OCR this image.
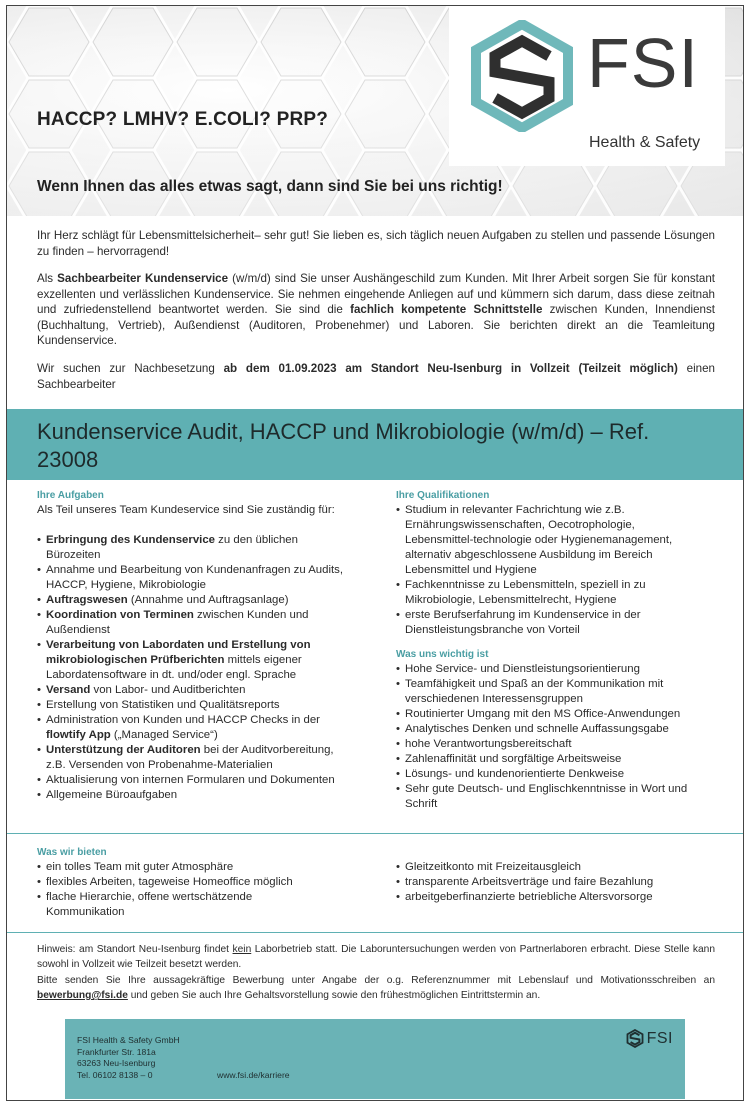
HACCP? LMHV? E.COLI? PRP?
Wenn Ihnen das alles etwas sagt, dann sind Sie bei uns richtig!
FSI
Health & Safety
Ihr Herz schlägt für Lebensmittelsicherheit– sehr gut! Sie lieben es, sich täglich neuen Aufgaben zu stellen und passende Lösungen zu finden – hervorragend!
Als Sachbearbeiter Kundenservice (w/m/d) sind Sie unser Aushängeschild zum Kunden. Mit Ihrer Arbeit sorgen Sie für konstant exzellenten und verlässlichen Kundenservice. Sie nehmen eingehende Anliegen auf und kümmern sich darum, dass diese zeitnah und zufriedenstellend beantwortet werden. Sie sind die fachlich kompetente Schnittstelle zwischen Kunden, Innendienst (Buchhaltung, Vertrieb), Außendienst (Auditoren, Probenehmer) und Laboren. Sie berichten direkt an die Teamleitung Kundenservice.
Wir suchen zur Nachbesetzung ab dem 01.09.2023 am Standort Neu-Isenburg in Vollzeit (Teilzeit möglich) einen Sachbearbeiter
Kundenservice Audit, HACCP und Mikrobiologie (w/m/d) – Ref. 23008
Ihre Aufgaben
Als Teil unseres Team Kundeservice sind Sie zuständig für:
• Erbringung des Kundenservice zu den üblichen Bürozeiten
• Annahme und Bearbeitung von Kundenanfragen zu Audits, HACCP, Hygiene, Mikrobiologie
• Auftragswesen (Annahme und Auftragsanlage)
• Koordination von Terminen zwischen Kunden und Außendienst
• Verarbeitung von Labordaten und Erstellung von mikrobiologischen Prüfberichten mittels eigener Labordatensoftware in dt. und/oder engl. Sprache
• Versand von Labor- und Auditberichten
• Erstellung von Statistiken und Qualitätsreports
• Administration von Kunden und HACCP Checks in der flowtify App („Managed Service“)
• Unterstützung der Auditoren bei der Auditvorbereitung, z.B. Versenden von Probenahme-Materialien
• Aktualisierung von internen Formularen und Dokumenten
• Allgemeine Büroaufgaben
Ihre Qualifikationen
• Studium in relevanter Fachrichtung wie z.B. Ernährungswissenschaften, Oecotrophologie, Lebensmittel-technologie oder Hygienemanagement, alternativ abgeschlossene Ausbildung im Bereich Lebensmittel und Hygiene
• Fachkenntnisse zu Lebensmitteln, speziell in zu Mikrobiologie, Lebensmittelrecht, Hygiene
• erste Berufserfahrung im Kundenservice in der Dienstleistungsbranche von Vorteil
Was uns wichtig ist
• Hohe Service- und Dienstleistungsorientierung
• Teamfähigkeit und Spaß an der Kommunikation mit verschiedenen Interessensgruppen
• Routinierter Umgang mit den MS Office-Anwendungen
• Analytisches Denken und schnelle Auffassungsgabe
• hohe Verantwortungsbereitschaft
• Zahlenaffinität und sorgfältige Arbeitsweise
• Lösungs- und kundenorientierte Denkweise
• Sehr gute Deutsch- und Englischkenntnisse in Wort und Schrift
Was wir bieten
• ein tolles Team mit guter Atmosphäre
• flexibles Arbeiten, tageweise Homeoffice möglich
• flache Hierarchie, offene wertschätzende Kommunikation
• Gleitzeitkonto mit Freizeitausgleich
• transparente Arbeitsverträge und faire Bezahlung
• arbeitgeberfinanzierte betriebliche Altersvorsorge
Hinweis: am Standort Neu-Isenburg findet kein Laborbetrieb statt. Die Laboruntersuchungen werden von Partnerlaboren erbracht. Diese Stelle kann sowohl in Vollzeit wie Teilzeit besetzt werden.
Bitte senden Sie Ihre aussagekräftige Bewerbung unter Angabe der o.g. Referenznummer mit Lebenslauf und Motivationsschreiben an bewerbung@fsi.de und geben Sie auch Ihre Gehaltsvorstellung sowie den frühestmöglichen Eintrittstermin an.
FSI Health & Safety GmbH
Frankfurter Str. 181a
63263 Neu-Isenburg
Tel. 06102 8138 – 0	www.fsi.de/karriere
FSI
